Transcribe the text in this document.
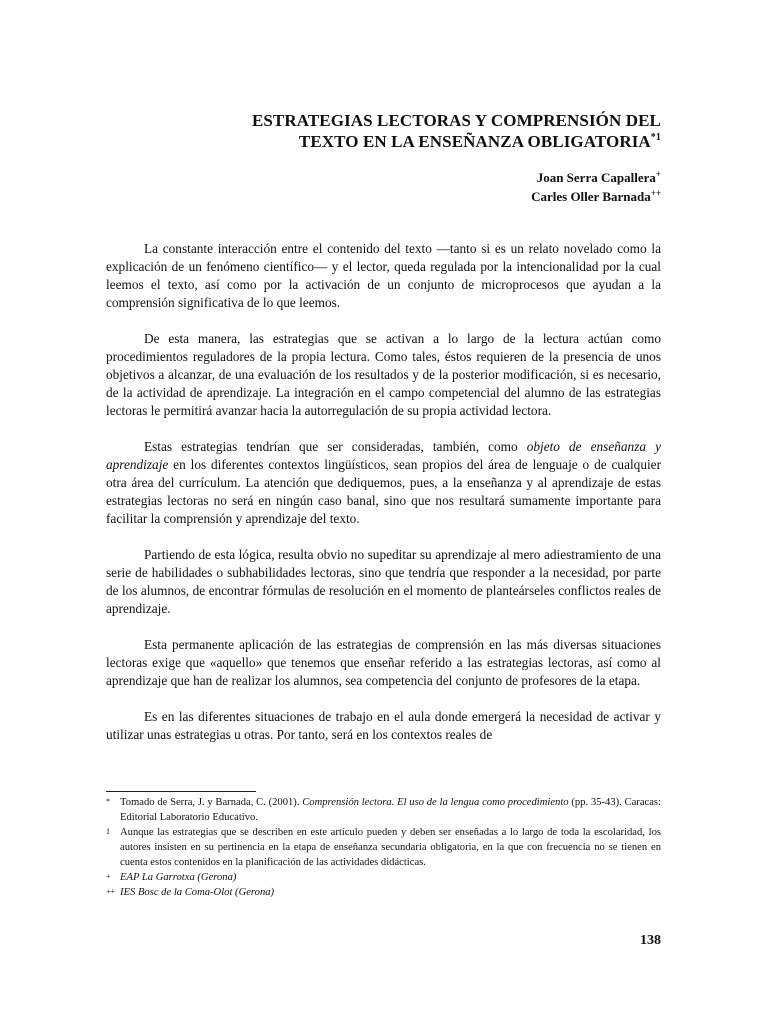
ESTRATEGIAS LECTORAS Y COMPRENSIÓN DEL
TEXTO EN LA ENSEÑANZA OBLIGATORIA$^{*1}$
Joan Serra Capallera+
Carles Oller Barnada++

La constante interacción entre el contenido del texto —tanto si es un relato novelado como la explicación de un fenómeno científico— y el lector, queda regulada por la intencionalidad por la cual leemos el texto, así como por la activación de un conjunto de microprocesos que ayudan a la comprensión significativa de lo que leemos.

De esta manera, las estrategias que se activan a lo largo de la lectura actúan como procedimientos reguladores de la propia lectura. Como tales, éstos requieren de la presencia de unos objetivos a alcanzar, de una evaluación de los resultados y de la posterior modificación, si es necesario, de la actividad de aprendizaje. La integración en el campo competencial del alumno de las estrategias lectoras le permitirá avanzar hacia la autorregulación de su propia actividad lectora.

Estas estrategias tendrían que ser consideradas, también, como objeto de enseñanza y aprendizaje en los diferentes contextos lingüísticos, sean propios del área de lenguaje o de cualquier otra área del currículum. La atención que dediquemos, pues, a la enseñanza y al aprendizaje de estas estrategias lectoras no será en ningún caso banal, sino que nos resultará sumamente importante para facilitar la comprensión y aprendizaje del texto.

Partiendo de esta lógica, resulta obvio no supeditar su aprendizaje al mero adiestramiento de una serie de habilidades o subhabilidades lectoras, sino que tendría que responder a la necesidad, por parte de los alumnos, de encontrar fórmulas de resolución en el momento de planteárseles conflictos reales de aprendizaje.

Esta permanente aplicación de las estrategias de comprensión en las más diversas situaciones lectoras exige que «aquello» que tenemos que enseñar referido a las estrategias lectoras, así como al aprendizaje que han de realizar los alumnos, sea competencia del conjunto de profesores de la etapa.

Es en las diferentes situaciones de trabajo en el aula donde emergerá la necesidad de activar y utilizar unas estrategias u otras. Por tanto, será en los contextos reales de

* Tomado de Serra, J. y Barnada, C. (2001). Comprensión lectora. El uso de la lengua como procedimiento (pp. 35-43). Caracas: Editorial Laboratorio Educativo.

1 Aunque las estrategias que se describen en este artículo pueden y deben ser enseñadas a lo largo de toda la escolaridad, los autores insisten en su pertinencia en la etapa de enseñanza secundaria obligatoria, en la que con frecuencia no se tienen en cuenta estos contenidos en la planificación de las actividades didácticas.

+ EAP La Garrotxa (Gerona)

++ IES Bosc de la Coma-Olot (Gerona)

138
